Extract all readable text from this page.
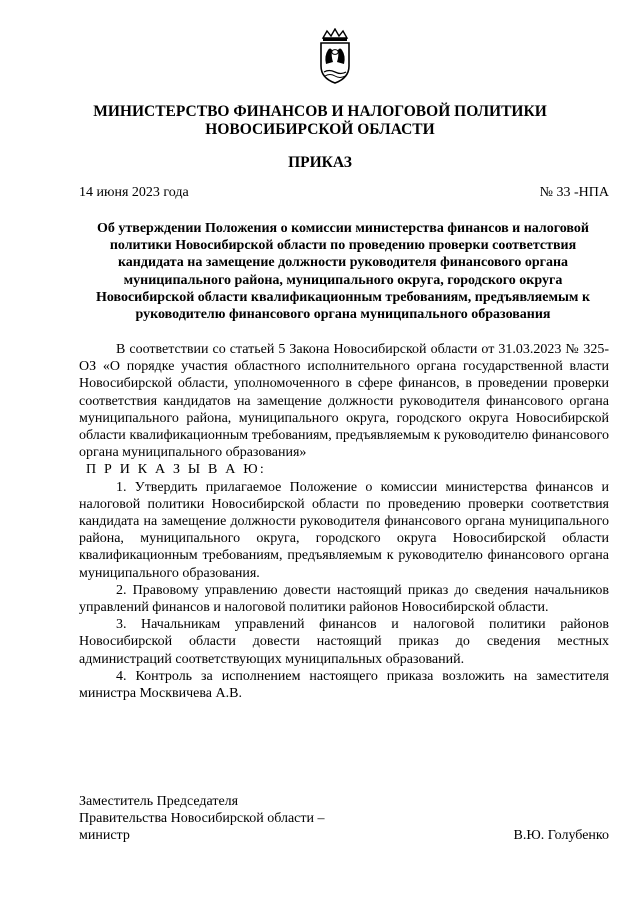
МИНИСТЕРСТВО ФИНАНСОВ И НАЛОГОВОЙ ПОЛИТИКИ
НОВОСИБИРСКОЙ ОБЛАСТИ
ПРИКАЗ
14 июня 2023 года	№ 33 -НПА
Об утверждении Положения о комиссии министерства финансов и налоговой политики Новосибирской области по проведению проверки соответствия кандидата на замещение должности руководителя финансового органа муниципального района, муниципального округа, городского округа Новосибирской области квалификационным требованиям, предъявляемым к руководителю финансового органа муниципального образования

В соответствии со статьей 5 Закона Новосибирской области от 31.03.2023 № 325-ОЗ «О порядке участия областного исполнительного органа государственной власти Новосибирской области, уполномоченного в сфере финансов, в проведении проверки соответствия кандидатов на замещение должности руководителя финансового органа муниципального района, муниципального округа, городского округа Новосибирской области квалификационным требованиям, предъявляемым к руководителю финансового органа муниципального образования»

П Р И К А З Ы В А Ю:

1. Утвердить прилагаемое Положение о комиссии министерства финансов и налоговой политики Новосибирской области по проведению проверки соответствия кандидата на замещение должности руководителя финансового органа муниципального района, муниципального округа, городского округа Новосибирской области квалификационным требованиям, предъявляемым к руководителю финансового органа муниципального образования.

2. Правовому управлению довести настоящий приказ до сведения начальников управлений финансов и налоговой политики районов Новосибирской области.

3. Начальникам управлений финансов и налоговой политики районов Новосибирской области довести настоящий приказ до сведения местных администраций соответствующих муниципальных образований.

4. Контроль за исполнением настоящего приказа возложить на заместителя министра Москвичева А.В.

Заместитель Председателя
Правительства Новосибирской области –
министр	В.Ю. Голубенко
